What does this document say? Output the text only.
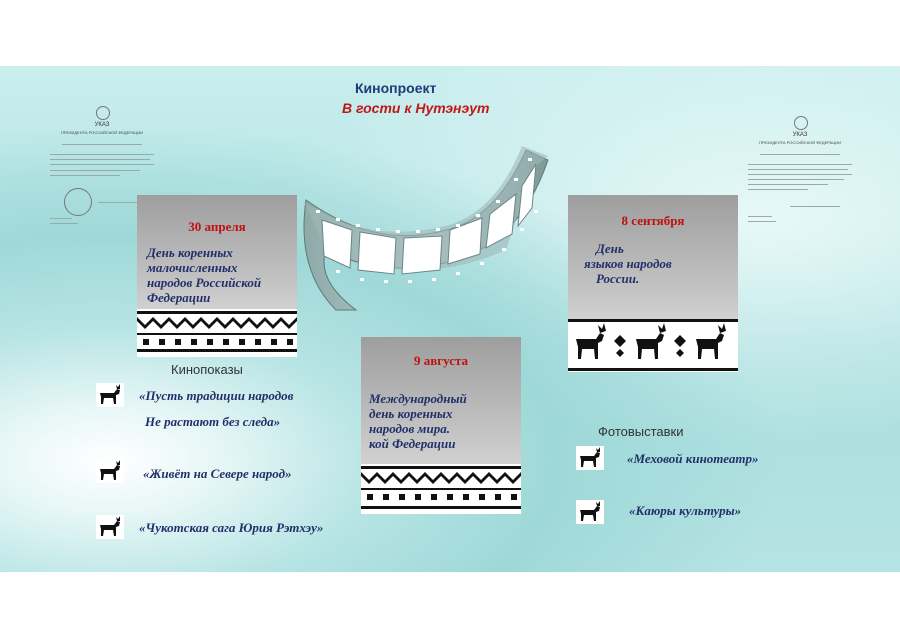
Кинопроект
В гости к Нутэнэут
УКАЗ
ПРЕЗИДЕНТА РОССИЙСКОЙ ФЕДЕРАЦИИ	УКАЗ
ПРЕЗИДЕНТА РОССИЙСКОЙ ФЕДЕРАЦИИ
30 апреля
День коренных
малочисленных
народов Российской
Федерации
9 августа
Международный
день коренных
народов мира.
кой Федерации
8 сентября
День
языков народов
России.
Кинопоказы
«Пусть традиции народов
Не растают без следа»
«Живёт на Севере народ»
«Чукотская сага Юрия Рэтхэу»
Фотовыставки
«Меховой кинотеатр»
«Каюры культуры»
